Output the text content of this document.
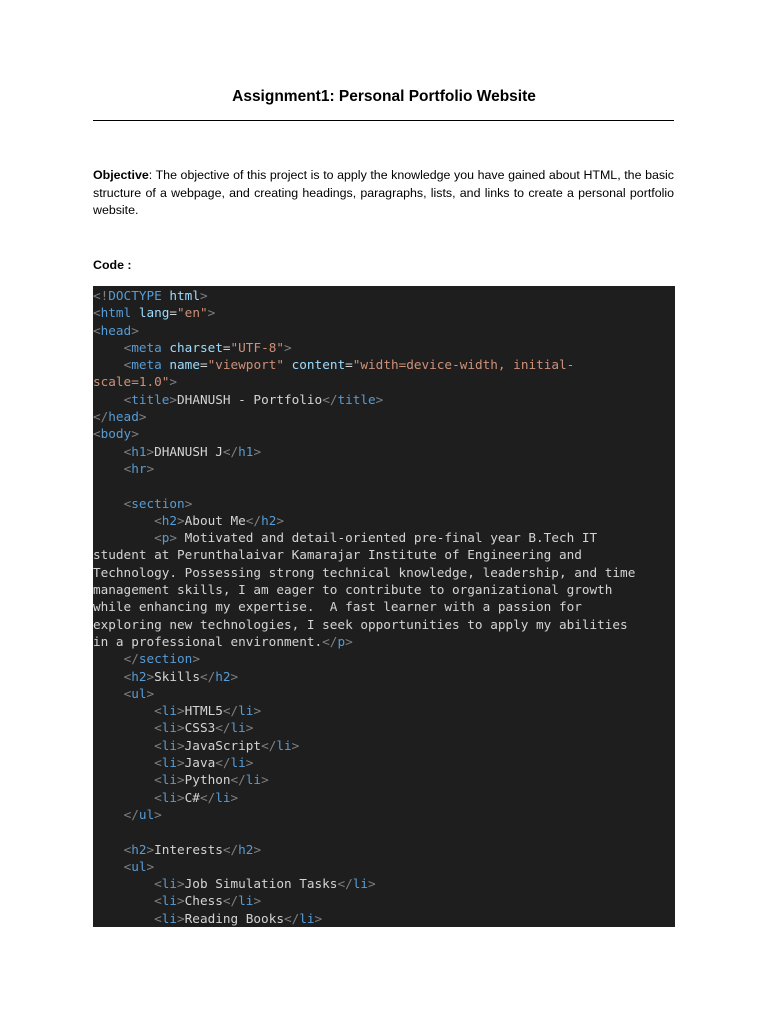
Assignment1: Personal Portfolio Website

Objective: The objective of this project is to apply the knowledge you have gained about HTML, the basic structure of a webpage, and creating headings, paragraphs, lists, and links to create a personal portfolio website.

Code :

<!DOCTYPE html>
<html lang="en">
<head>
<meta charset="UTF-8">
<meta name="viewport" content="width=device-width, initial-
scale=1.0">
<title>DHANUSH - Portfolio</title>
</head>
<body>
<h1>DHANUSH J</h1>
<hr>

<section>
<h2>About Me</h2>
<p> Motivated and detail-oriented pre-final year B.Tech IT
student at Perunthalaivar Kamarajar Institute of Engineering and
Technology. Possessing strong technical knowledge, leadership, and time
management skills, I am eager to contribute to organizational growth
while enhancing my expertise.  A fast learner with a passion for
exploring new technologies, I seek opportunities to apply my abilities
in a professional environment.</p>
</section>
<h2>Skills</h2>
<ul>
<li>HTML5</li>
<li>CSS3</li>
<li>JavaScript</li>
<li>Java</li>
<li>Python</li>
<li>C#</li>
</ul>

<h2>Interests</h2>
<ul>
<li>Job Simulation Tasks</li>
<li>Chess</li>
<li>Reading Books</li>
